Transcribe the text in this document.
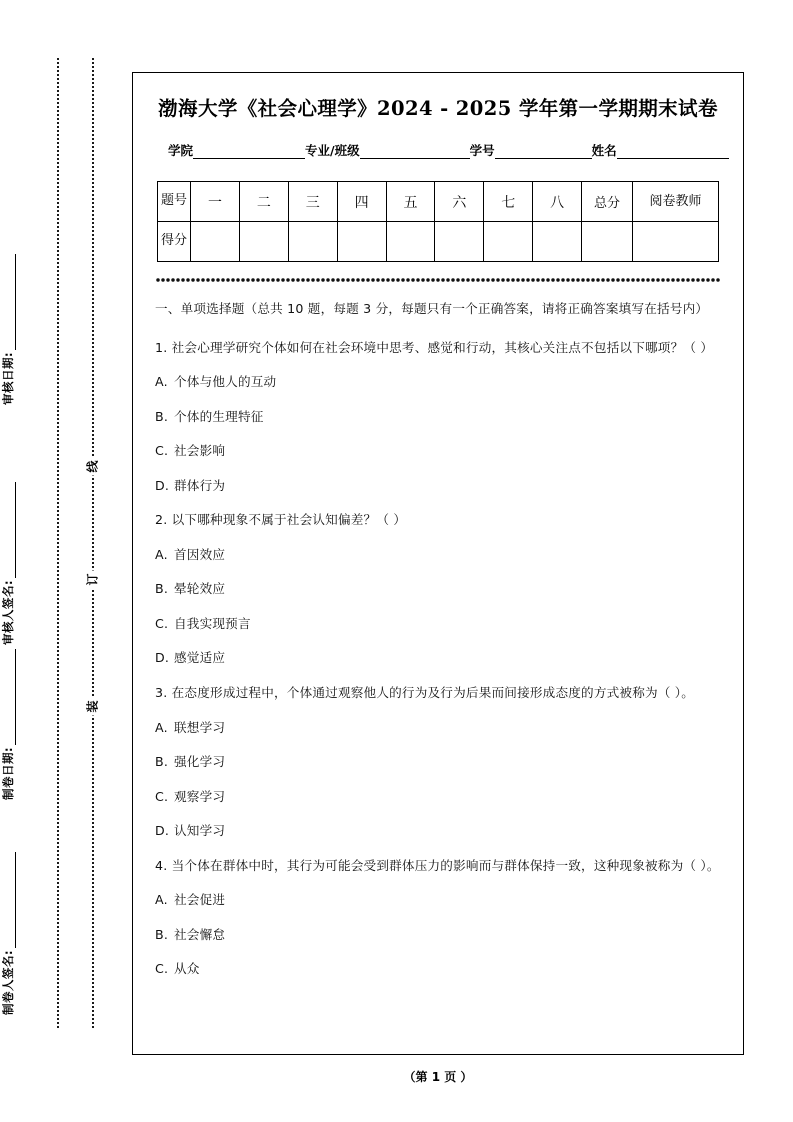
审核日期:
审核人签名:
制卷日期:
制卷人签名:
线
订
装
渤海大学《社会心理学》2024 - 2025 学年第一学期期末试卷
学院	专业/班级	学号	姓名
题号	一	二	三	四	五	六	七	八	总分	阅卷教师
得分										
一、单项选择题（总共 10 题，每题 3 分，每题只有一个正确答案，请将正确答案填写在括号内）
1. 社会心理学研究个体如何在社会环境中思考、感觉和行动，其核心关注点不包括以下哪项？（ ）
A. 个体与他人的互动
B. 个体的生理特征
C. 社会影响
D. 群体行为
2. 以下哪种现象不属于社会认知偏差？（ ）
A. 首因效应
B. 晕轮效应
C. 自我实现预言
D. 感觉适应
3. 在态度形成过程中，个体通过观察他人的行为及行为后果而间接形成态度的方式被称为（ ）。
A. 联想学习
B. 强化学习
C. 观察学习
D. 认知学习
4. 当个体在群体中时，其行为可能会受到群体压力的影响而与群体保持一致，这种现象被称为（ ）。
A. 社会促进
B. 社会懈怠
C. 从众
（第 1 页 ）
